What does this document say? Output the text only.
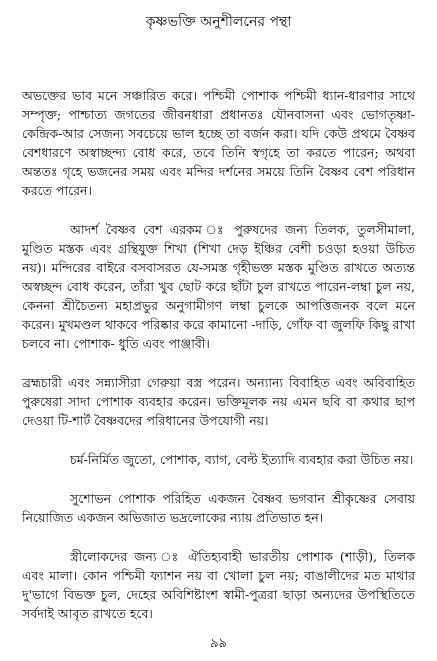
কৃষ্ণভক্তি অনুশীলনের পন্থা

অভক্তের ভাব মনে সঞ্চারিত করে। পশ্চিমী পোশাক পশ্চিমী ধ্যান-ধারণার সাথে সম্পৃক্ত; পাশ্চাত্য জগতের জীবনধারা প্রধানতঃ যৌনবাসনা এবং ভোগতৃষ্ণা-কেন্দ্রিক-আর সেজন্য সবচেয়ে ভাল হচ্ছে তা বর্জন করা। যদি কেউ প্রথমে বৈষ্ণব বেশধারণে অস্বাচ্ছন্দ্য বোধ করে, তবে তিনি স্বগৃহে তা করতে পারেন; অথবা অন্ততঃ গৃহে ভজনের সময় এবং মন্দির দর্শনের সময়ে তিনি বৈষ্ণব বেশ পরিধান করতে পারেন।

আদর্শ বৈষ্ণব বেশ এরকম ঃ পুরুষদের জন্য তিলক, তুলসীমালা, মুণ্ডিত মস্তক এবং গ্রন্থিযুক্ত শিখা (শিখা দেড় ইঞ্চির বেশী চওড়া হওয়া উচিত নয়)। মন্দিরের বাইরে বসবাসরত যে-সমস্ত গৃহীভক্ত মস্তক মুণ্ডিত রাখতে অত্যন্ত অস্বচ্ছন্দ বোধ করেন, তাঁরা খুব ছোট করে ছাঁটা চুল রাখতে পারেন-লম্বা চুল নয়, কেননা শ্রীচৈতন্য মহাপ্রভুর অনুগামীগণ লম্বা চুলকে আপত্তিজনক বলে মনে করেন। মুখমণ্ডল থাকবে পরিষ্কার করে কামানো -দাড়ি, গোঁফ বা জুলফি কিছু রাখা চলবে না। পোশাক- ধুতি এবং পাঞ্জাবী।

ব্রহ্মচারী এবং সন্ন্যাসীরা গেরুয়া বস্ত্র পরেন। অন্যান্য বিবাহিত এবং অবিবাহিত পুরুষেরা সাদা পোশাক ব্যবহার করেন। ভক্তিমূলক নয় এমন ছবি বা কথার ছাপ দেওয়া টি-শার্ট বৈষ্ণবদের পরিধানের উপযোগী নয়।

চর্ম-নির্মিত জুতো, পোশাক, ব্যাগ, বেল্ট ইত্যাদি ব্যবহার করা উচিত নয়।

সুশোভন পোশাক পরিহিত একজন বৈষ্ণব ভগবান শ্রীকৃষ্ণের সেবায় নিয়োজিত একজন অভিজাত ভদ্রলোকের ন্যায় প্রতিভাত হন।

স্ত্রীলোকদের জন্য ঃ ঐতিহ্যবাহী ভারতীয় পোশাক (শাড়ী), তিলক এবং মালা। কোন পশ্চিমী ফ্যাশন নয় বা খোলা চুল নয়; বাঙালীদের মত মাথার দু'ভাগে বিভক্ত চুল, দেহের অবিশিষ্টাংশ স্বামী-পুত্ররা ছাড়া অন্যদের উপস্থিতিতে সর্বদাই আবৃত রাখতে হবে।

৯৯
